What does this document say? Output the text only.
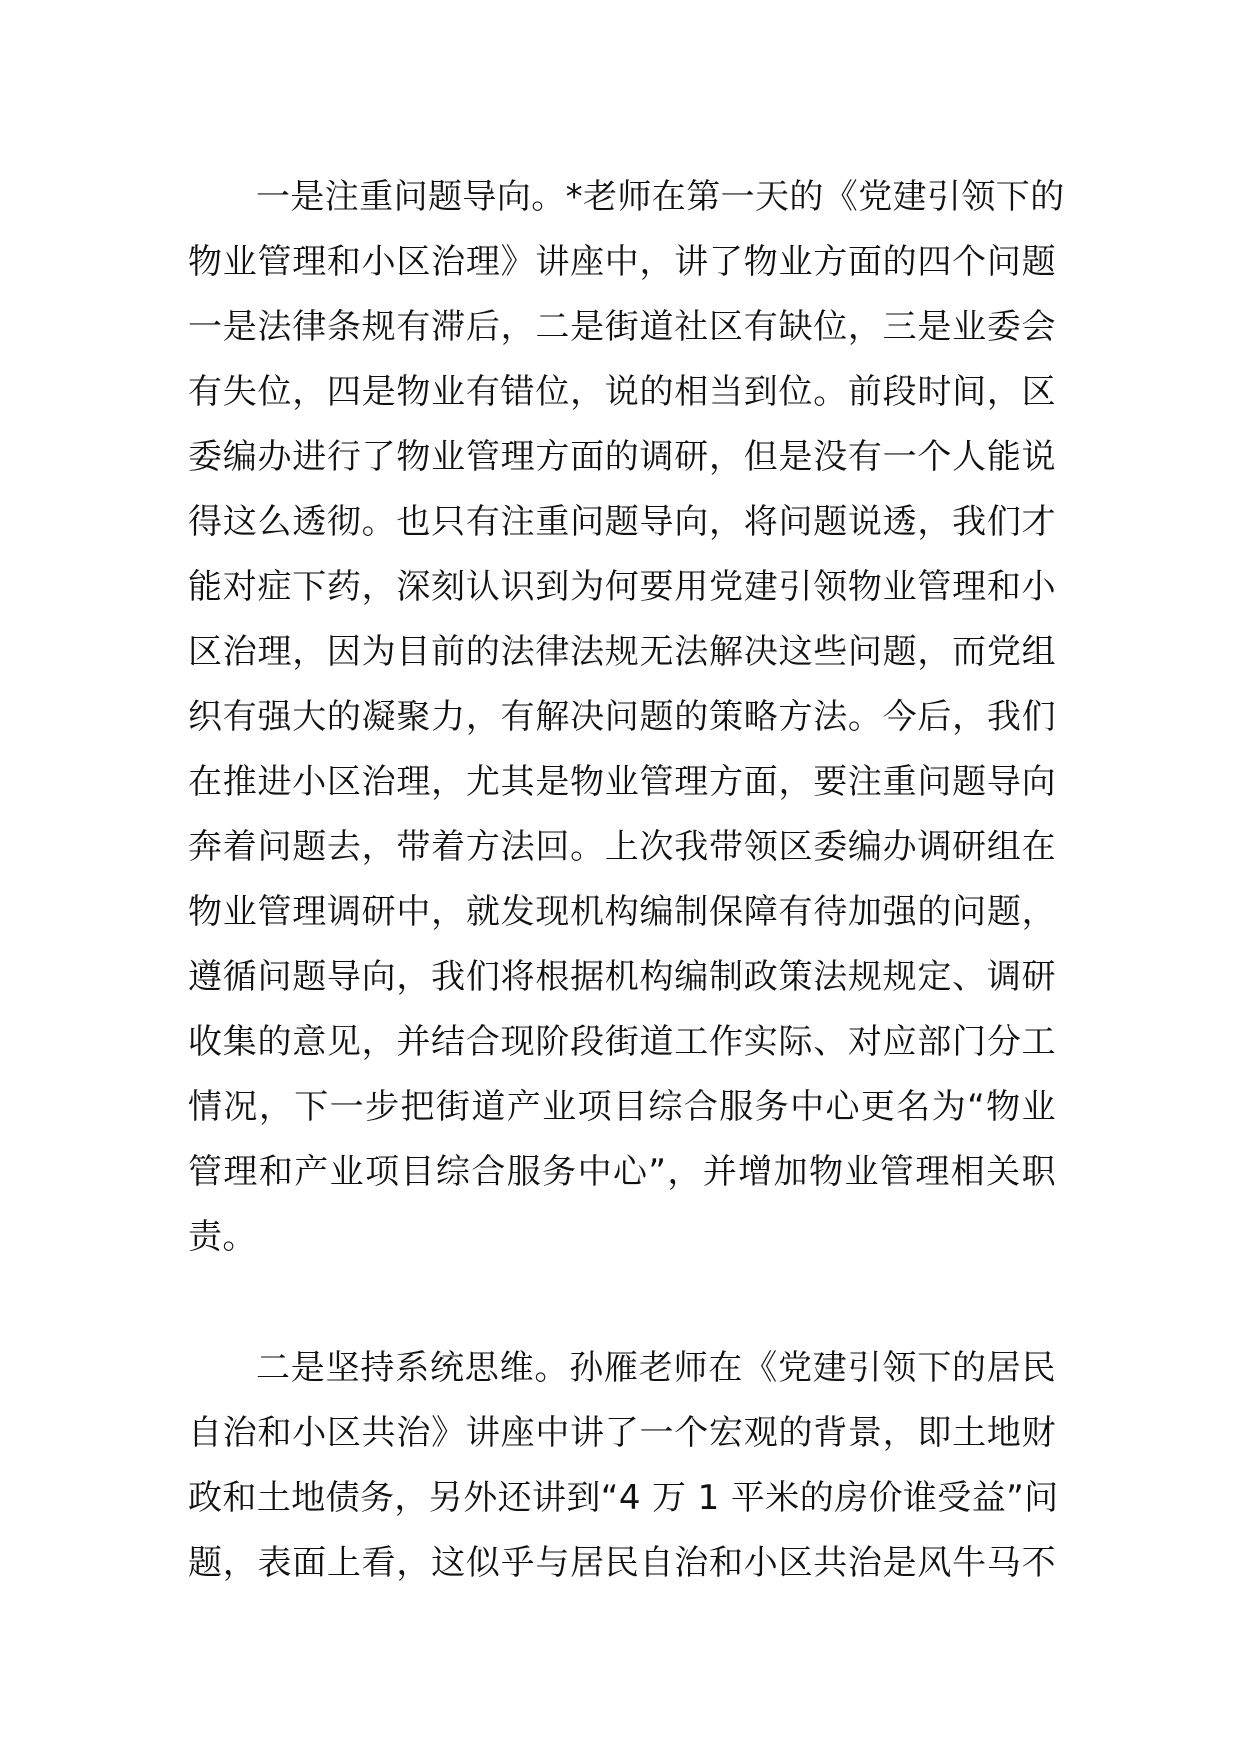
一是注重问题导向。*老师在第一天的《党建引领下的
物业管理和小区治理》讲座中，讲了物业方面的四个问题
一是法律条规有滞后，二是街道社区有缺位，三是业委会
有失位，四是物业有错位，说的相当到位。前段时间，区
委编办进行了物业管理方面的调研，但是没有一个人能说
得这么透彻。也只有注重问题导向，将问题说透，我们才
能对症下药，深刻认识到为何要用党建引领物业管理和小
区治理，因为目前的法律法规无法解决这些问题，而党组
织有强大的凝聚力，有解决问题的策略方法。今后，我们
在推进小区治理，尤其是物业管理方面，要注重问题导向
奔着问题去，带着方法回。上次我带领区委编办调研组在
物业管理调研中，就发现机构编制保障有待加强的问题，
遵循问题导向，我们将根据机构编制政策法规规定、调研
收集的意见，并结合现阶段街道工作实际、对应部门分工
情况，下一步把街道产业项目综合服务中心更名为“物业
管理和产业项目综合服务中心”，并增加物业管理相关职
责。
二是坚持系统思维。孙雁老师在《党建引领下的居民
自治和小区共治》讲座中讲了一个宏观的背景，即土地财
政和土地债务，另外还讲到“4 万 1 平米的房价谁受益”问
题，表面上看，这似乎与居民自治和小区共治是风牛马不
